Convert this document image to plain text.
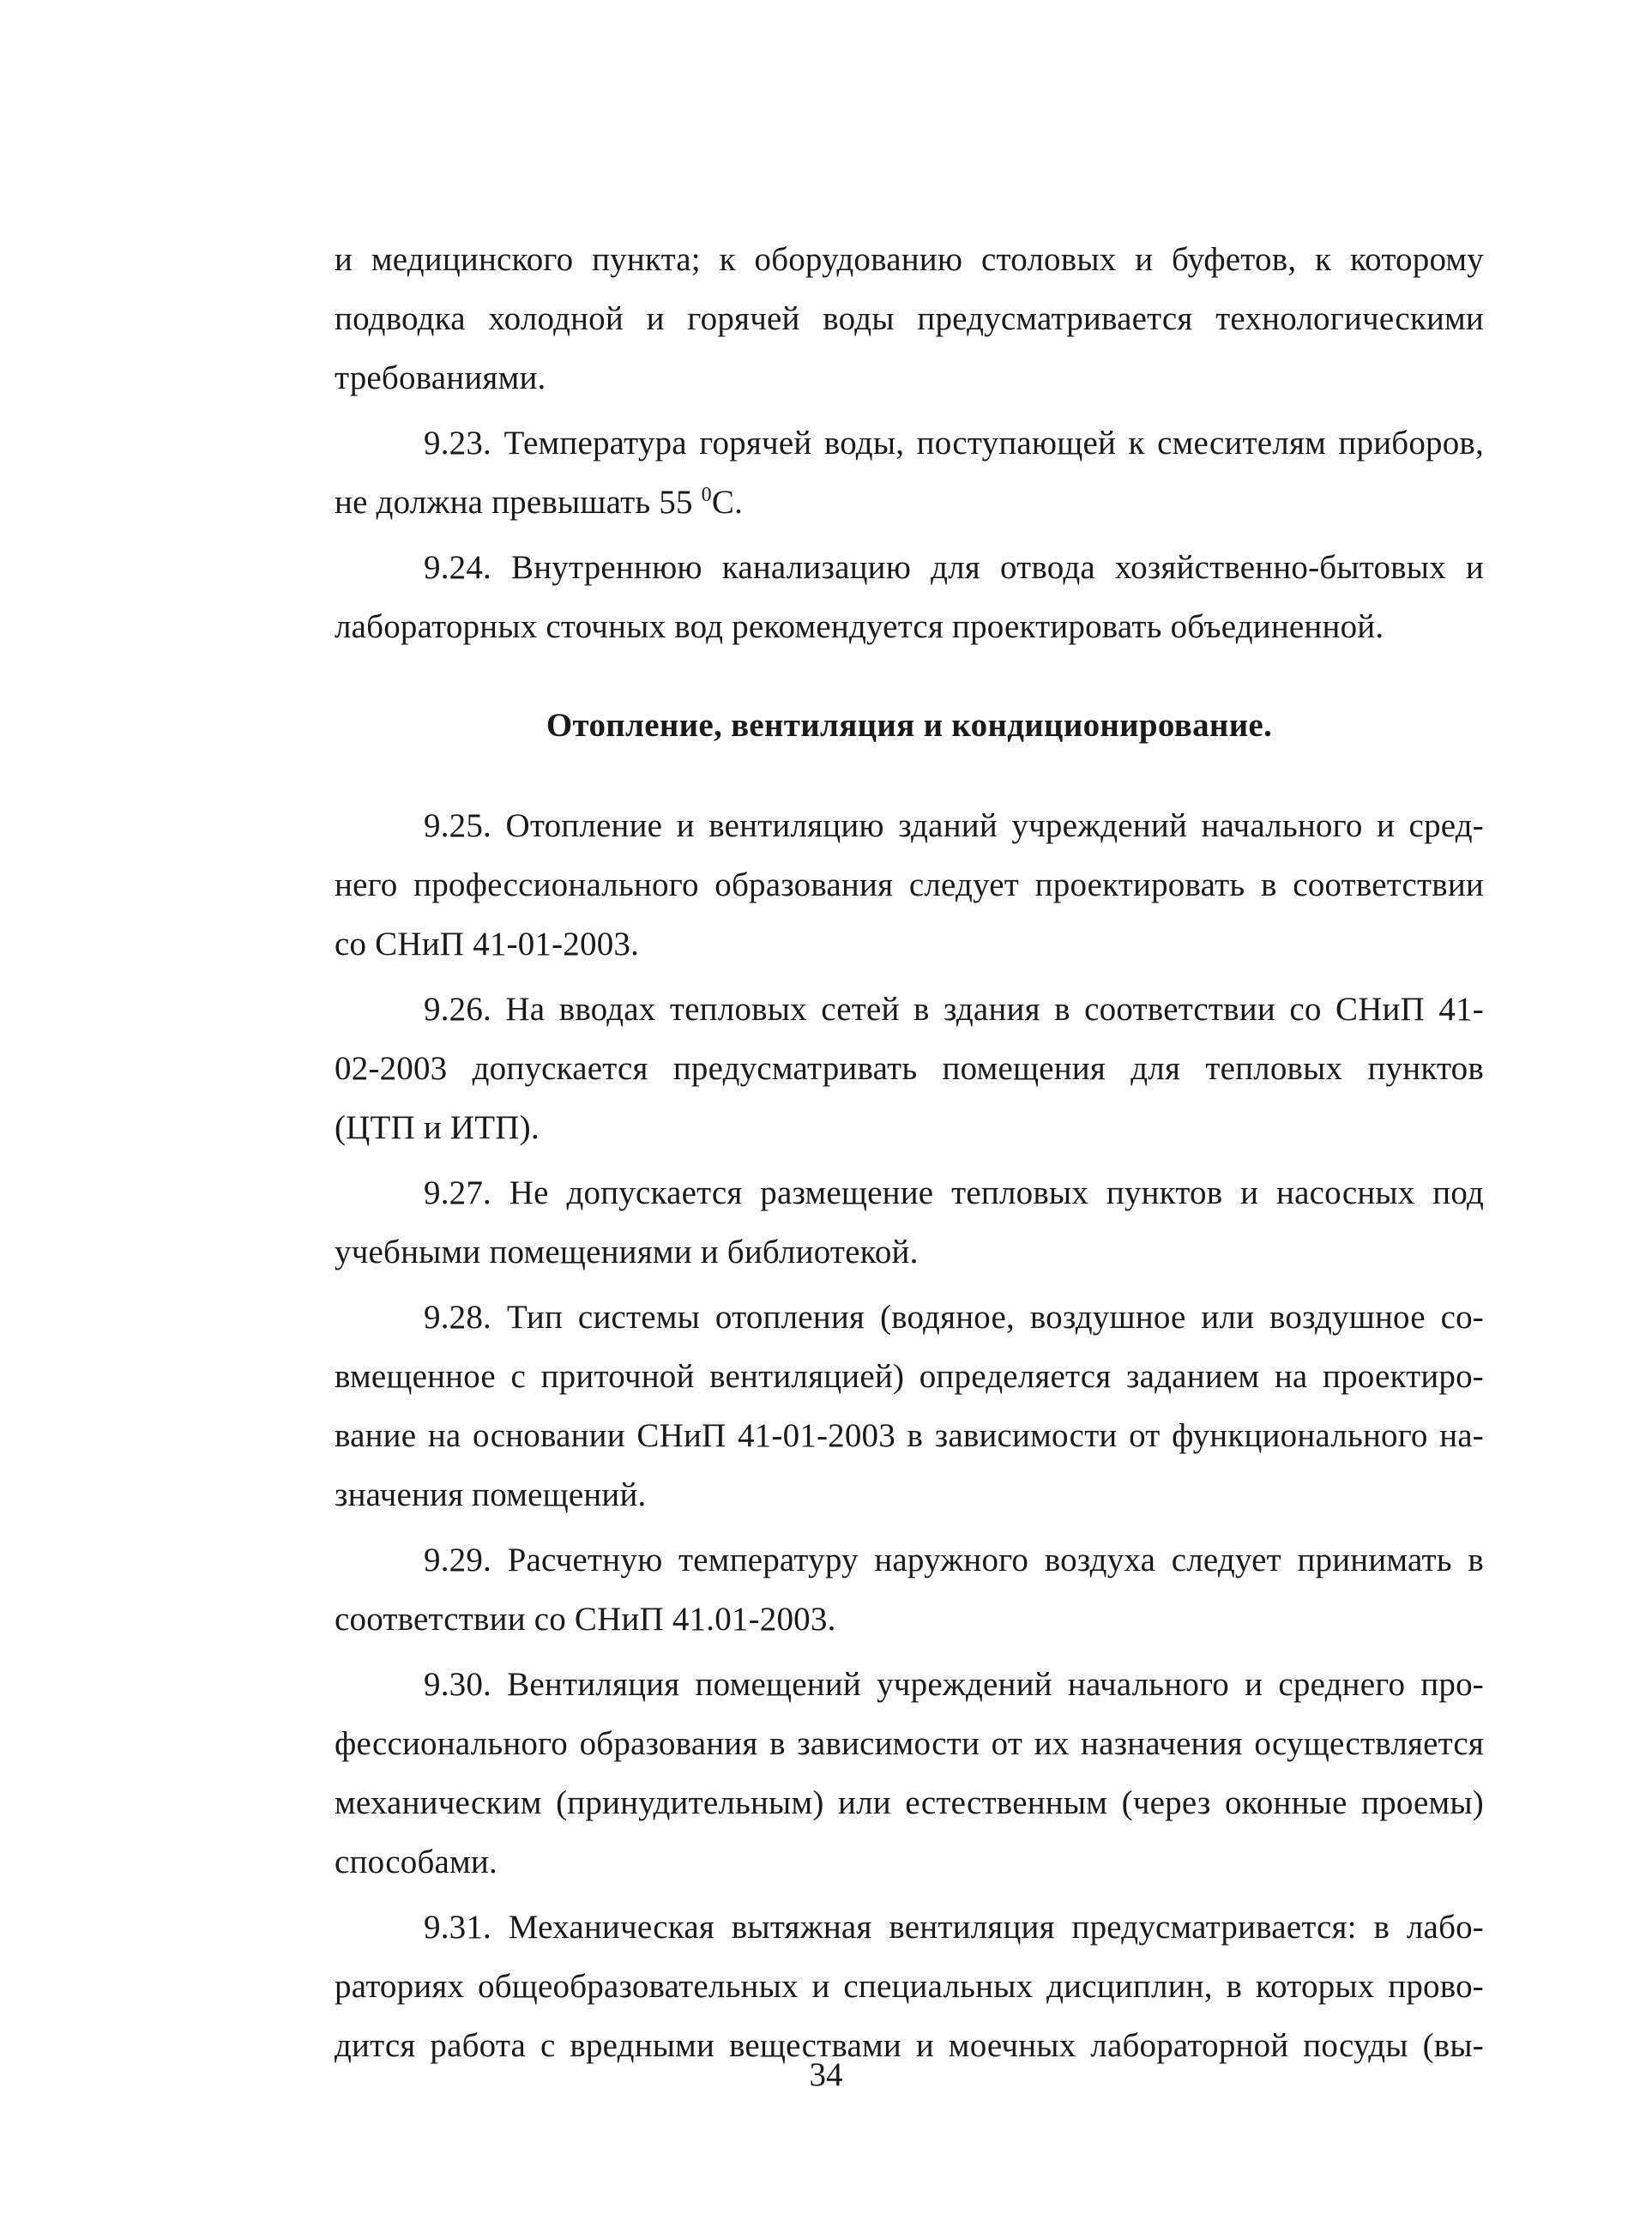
и медицинского пункта; к оборудованию столовых и буфетов, к которому
подводка холодной и горячей воды предусматривается технологическими
требованиями.
9.23. Температура горячей воды, поступающей к смесителям приборов,
не должна превышать 55 $^0$С.
9.24. Внутреннюю канализацию для отвода хозяйственно-бытовых и
лабораторных сточных вод рекомендуется проектировать объединенной.
Отопление, вентиляция и кондиционирование.
9.25. Отопление и вентиляцию зданий учреждений начального и сред-
него профессионального образования следует проектировать в соответствии
со СНиП 41-01-2003.
9.26. На вводах тепловых сетей в здания в соответствии со СНиП 41-
02-2003 допускается предусматривать помещения для тепловых пунктов
(ЦТП и ИТП).
9.27. Не допускается размещение тепловых пунктов и насосных под
учебными помещениями и библиотекой.
9.28. Тип системы отопления (водяное, воздушное или воздушное со-
вмещенное с приточной вентиляцией) определяется заданием на проектиро-
вание на основании СНиП 41-01-2003 в зависимости от функционального на-
значения помещений.
9.29. Расчетную температуру наружного воздуха следует принимать в
соответствии со СНиП 41.01-2003.
9.30. Вентиляция помещений учреждений начального и среднего про-
фессионального образования в зависимости от их назначения осуществляется
механическим (принудительным) или естественным (через оконные проемы)
способами.
9.31. Механическая вытяжная вентиляция предусматривается: в лабо-
раториях общеобразовательных и специальных дисциплин, в которых прово-
дится работа с вредными веществами и моечных лабораторной посуды (вы-
34
